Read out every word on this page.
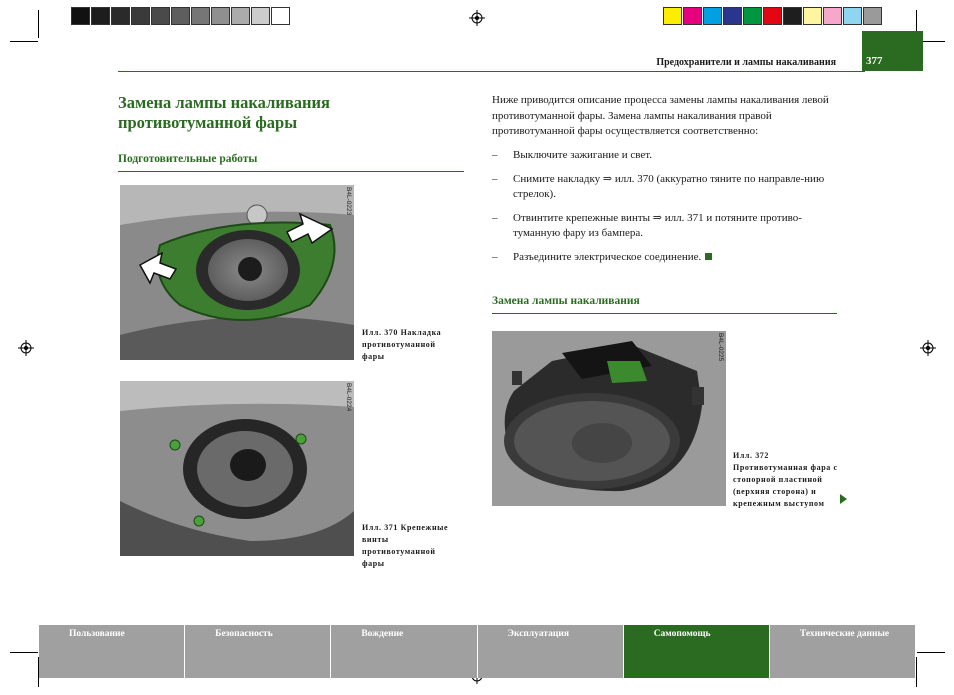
Предохранители и лампы накаливания	377
Замена лампы накаливания противотуманной фары
Подготовительные работы
B4L-0223
Илл. 370 Накладка противотуманной фары
B4L-0224
Илл. 371 Крепежные винты противотуманной фары
Ниже приводится описание процесса замены лампы накаливания левой противотуманной фары. Замена лампы накаливания правой противотуманной фары осуществляется соответственно:
– Выключите зажигание и свет.
– Снимите накладку ⇒ илл. 370 (аккуратно тяните по направле-нию стрелок).
– Отвинтите крепежные винты ⇒ илл. 371 и потяните противо-туманную фару из бампера.
– Разъедините электрическое соединение.
Замена лампы накаливания
B4L-0225
Илл. 372 Противотуманная фара с стопорной пластиной (верхняя сторона) и крепежным выступом
Пользование	Безопасность	Вождение	Эксплуатация	Самопомощь	Технические данные
